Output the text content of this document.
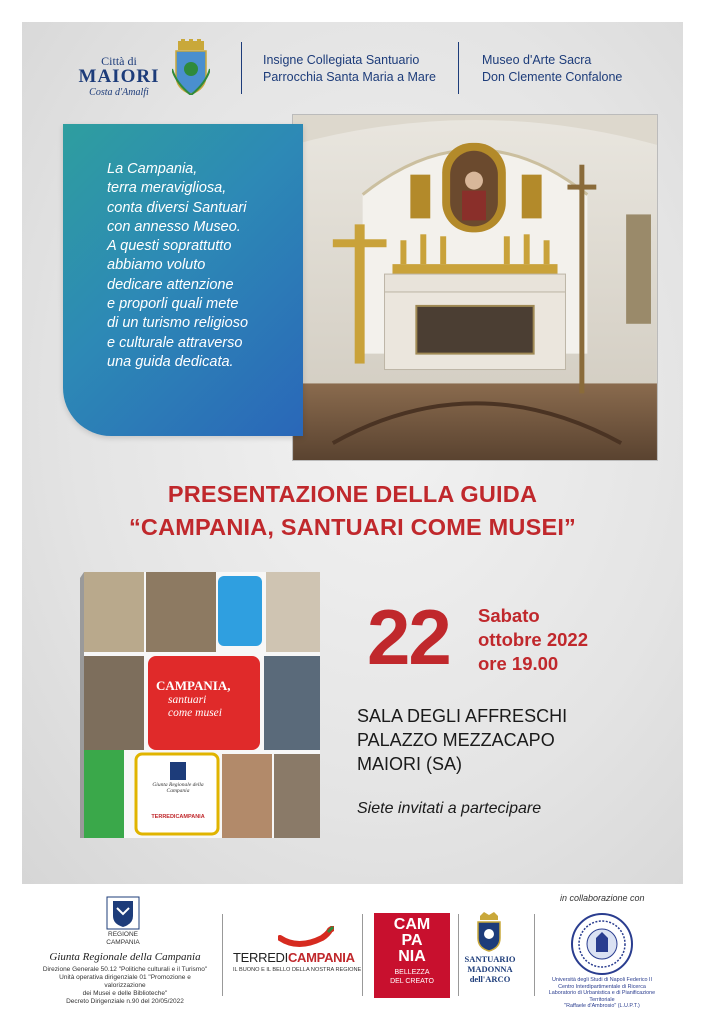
Città di
MAIORI
Costa d'Amalfi
Insigne Collegiata Santuario
Parrocchia Santa Maria a Mare
Museo d'Arte Sacra
Don Clemente Confalone
La Campania,
terra meravigliosa,
conta diversi Santuari
con annesso Museo.
A questi soprattutto
abbiamo voluto
dedicare attenzione
e proporli quali mete
di un turismo religioso
e culturale attraverso
una guida dedicata.
PRESENTAZIONE DELLA GUIDA
“CAMPANIA, SANTUARI COME MUSEI”
CAMPANIA,
santuari
come musei
Giunta Regionale della Campania
TERREDICAMPANIA
22 Sabato
ottobre 2022
ore 19.00
SALA DEGLI AFFRESCHI
PALAZZO MEZZACAPO
MAIORI (SA)
Siete invitati a partecipare
in collaborazione con
REGIONE CAMPANIA
Giunta Regionale della Campania
Direzione Generale 50.12 "Politiche culturali e il Turismo"
Unità operativa dirigenziale 01 "Promozione e valorizzazione
dei Musei e delle Biblioteche"
Decreto Dirigenziale n.90 del 20/05/2022
TERREDICAMPANIA
IL BUONO E IL BELLO DELLA NOSTRA REGIONE
CAM
PA
NIA
BELLEZZA
DEL CREATO
SANTUARIO
MADONNA
dell'ARCO	Università degli Studi di Napoli Federico II
Centro Interdipartimentale di Ricerca
Laboratorio di Urbanistica e di Pianificazione Territoriale
"Raffaele d'Ambrosio" (L.U.P.T.)
